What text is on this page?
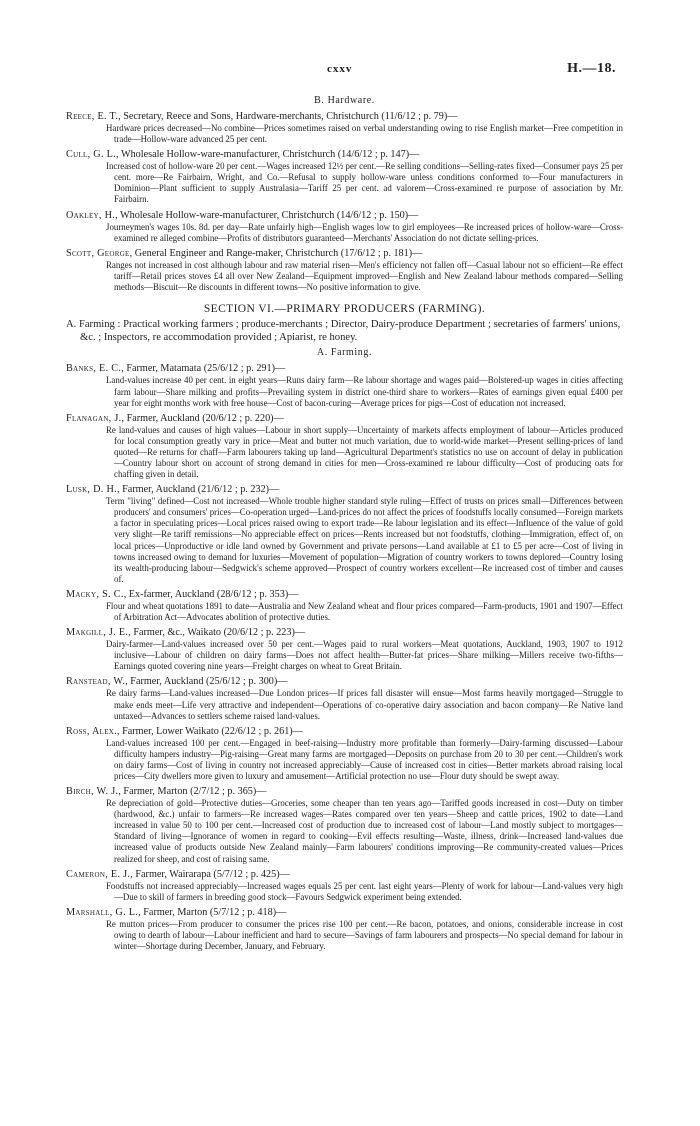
cxxv	H.—18.
B. Hardware.
Reece, E. T., Secretary, Reece and Sons, Hardware-merchants, Christchurch (11/6/12 ; p. 79)—
Hardware prices decreased—No combine—Prices sometimes raised on verbal understanding owing to rise English market—Free competition in trade—Hollow-ware advanced 25 per cent.
Cull, G. L., Wholesale Hollow-ware-manufacturer, Christchurch (14/6/12 ; p. 147)—
Increased cost of hollow-ware 20 per cent.—Wages increased 12½ per cent.—Re selling conditions—Selling-rates fixed—Consumer pays 25 per cent. more—Re Fairbairn, Wright, and Co.—Refusal to supply hollow-ware unless conditions conformed to—Four manufacturers in Dominion—Plant sufficient to supply Australasia—Tariff 25 per cent. ad valorem—Cross-examined re purpose of association by Mr. Fairbairn.
Oakley, H., Wholesale Hollow-ware-manufacturer, Christchurch (14/6/12 ; p. 150)—
Journeymen's wages 10s. 8d. per day—Rate unfairly high—English wages low to girl employees—Re increased prices of hollow-ware—Cross-examined re alleged combine—Profits of distributors guaranteed—Merchants' Association do not dictate selling-prices.
Scott, George, General Engineer and Range-maker, Christchurch (17/6/12 ; p. 181)—
Ranges not increased in cost although labour and raw material risen—Men's efficiency not fallen off—Casual labour not so efficient—Re effect tariff—Retail prices stoves £4 all over New Zealand—Equipment improved—English and New Zealand labour methods compared—Selling methods—Biscuit—Re discounts in different towns—No positive information to give.
SECTION VI.—PRIMARY PRODUCERS (FARMING).
A. Farming : Practical working farmers ; produce-merchants ; Director, Dairy-produce Department ; secretaries of farmers' unions, &c. ; Inspectors, re accommodation provided ; Apiarist, re honey.
A. Farming.
Banks, E. C., Farmer, Matamata (25/6/12 ; p. 291)—
Land-values increase 40 per cent. in eight years—Runs dairy farm—Re labour shortage and wages paid—Bolstered-up wages in cities affecting farm labour—Share milking and profits—Prevailing system in district one-third share to workers—Rates of earnings given equal £400 per year for eight months work with free house—Cost of bacon-curing—Average prices for pigs—Cost of education not increased.
Flanagan, J., Farmer, Auckland (20/6/12 ; p. 220)—
Re land-values and causes of high values—Labour in short supply—Uncertainty of markets affects employment of labour—Articles produced for local consumption greatly vary in price—Meat and butter not much variation, due to world-wide market—Present selling-prices of land quoted—Re returns for chaff—Farm labourers taking up land—Agricultural Department's statistics no use on account of delay in publication—Country labour short on account of strong demand in cities for men—Cross-examined re labour difficulty—Cost of producing oats for chaffing given in detail.
Lusk, D. H., Farmer, Auckland (21/6/12 ; p. 232)—
Term "living" defined—Cost not increased—Whole trouble higher standard style ruling—Effect of trusts on prices small—Differences between producers' and consumers' prices—Co-operation urged—Land-prices do not affect the prices of foodstuffs locally consumed—Foreign markets a factor in speculating prices—Local prices raised owing to export trade—Re labour legislation and its effect—Influence of the value of gold very slight—Re tariff remissions—No appreciable effect on prices—Rents increased but not foodstuffs, clothing—Immigration, effect of, on local prices—Unproductive or idle land owned by Government and private persons—Land available at £1 to £5 per acre—Cost of living in towns increased owing to demand for luxuries—Movement of population—Migration of country workers to towns deplored—Country losing its wealth-producing labour—Sedgwick's scheme approved—Prospect of country workers excellent—Re increased cost of timber and causes of.
Macky, S. C., Ex-farmer, Auckland (28/6/12 ; p. 353)—
Flour and wheat quotations 1891 to date—Australia and New Zealand wheat and flour prices compared—Farm-products, 1901 and 1907—Effect of Arbitration Act—Advocates abolition of protective duties.
Makgill, J. E., Farmer, &c., Waikato (20/6/12 ; p. 223)—
Dairy-farmer—Land-values increased over 50 per cent.—Wages paid to rural workers—Meat quotations, Auckland, 1903, 1907 to 1912 inclusive—Labour of children on dairy farms—Does not affect health—Butter-fat prices—Share milking—Millers receive two-fifths—Earnings quoted covering nine years—Freight charges on wheat to Great Britain.
Ranstead, W., Farmer, Auckland (25/6/12 ; p. 300)—
Re dairy farms—Land-values increased—Due London prices—If prices fall disaster will ensue—Most farms heavily mortgaged—Struggle to make ends meet—Life very attractive and independent—Operations of co-operative dairy association and bacon company—Re Native land untaxed—Advances to settlers scheme raised land-values.
Ross, Alex., Farmer, Lower Waikato (22/6/12 ; p. 261)—
Land-values increased 100 per cent.—Engaged in beef-raising—Industry more profitable than formerly—Dairy-farming discussed—Labour difficulty hampers industry—Pig-raising—Great many farms are mortgaged—Deposits on purchase from 20 to 30 per cent.—Children's work on dairy farms—Cost of living in country not increased appreciably—Cause of increased cost in cities—Better markets abroad raising local prices—City dwellers more given to luxury and amusement—Artificial protection no use—Flour duty should be swept away.
Birch, W. J., Farmer, Marton (2/7/12 ; p. 365)—
Re depreciation of gold—Protective duties—Groceries, some cheaper than ten years ago—Tariffed goods increased in cost—Duty on timber (hardwood, &c.) unfair to farmers—Re increased wages—Rates compared over ten years—Sheep and cattle prices, 1902 to date—Land increased in value 50 to 100 per cent.—Increased cost of production due to increased cost of labour—Land mostly subject to mortgages—Standard of living—Ignorance of women in regard to cooking—Evil effects resulting—Waste, illness, drink—Increased land-values due increased value of products outside New Zealand mainly—Farm labourers' conditions improving—Re community-created values—Prices realized for sheep, and cost of raising same.
Cameron, E. J., Farmer, Wairarapa (5/7/12 ; p. 425)—
Foodstuffs not increased appreciably—Increased wages equals 25 per cent. last eight years—Plenty of work for labour—Land-values very high—Due to skill of farmers in breeding good stock—Favours Sedgwick experiment being extended.
Marshall, G. L., Farmer, Marton (5/7/12 ; p. 418)—
Re mutton prices—From producer to consumer the prices rise 100 per cent.—Re bacon, potatoes, and onions, considerable increase in cost owing to dearth of labour—Labour inefficient and hard to secure—Savings of farm labourers and prospects—No special demand for labour in winter—Shortage during December, January, and February.
